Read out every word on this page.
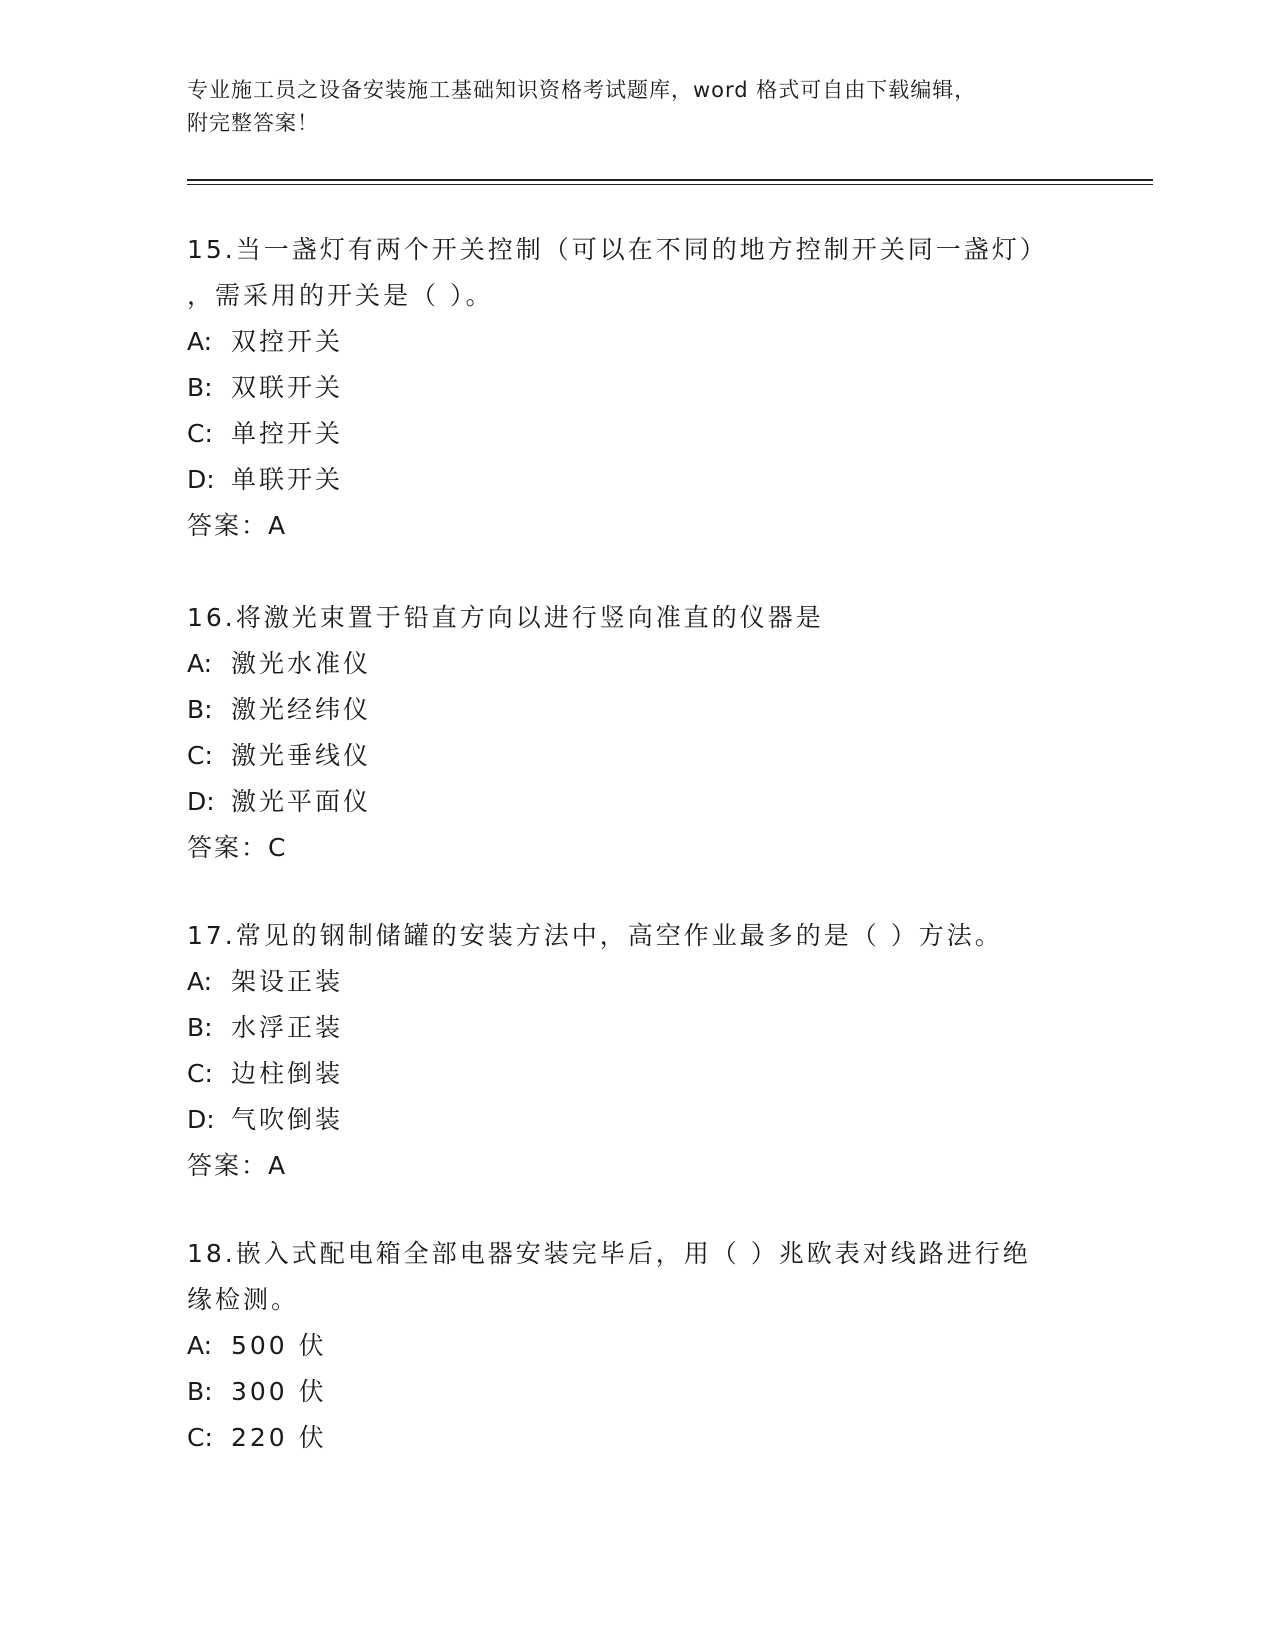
专业施工员之设备安装施工基础知识资格考试题库，word 格式可自由下载编辑，
附完整答案！
15.当一盏灯有两个开关控制（可以在不同的地方控制开关同一盏灯）
，需采用的开关是（ ）。
A: 双控开关
B: 双联开关
C: 单控开关
D: 单联开关
答案：A
16.将激光束置于铅直方向以进行竖向准直的仪器是
A: 激光水准仪
B: 激光经纬仪
C: 激光垂线仪
D: 激光平面仪
答案：C
17.常见的钢制储罐的安装方法中，高空作业最多的是（ ）方法。
A: 架设正装
B: 水浮正装
C: 边柱倒装
D: 气吹倒装
答案：A
18.嵌入式配电箱全部电器安装完毕后，用（ ）兆欧表对线路进行绝
缘检测。
A: 500 伏
B: 300 伏
C: 220 伏
